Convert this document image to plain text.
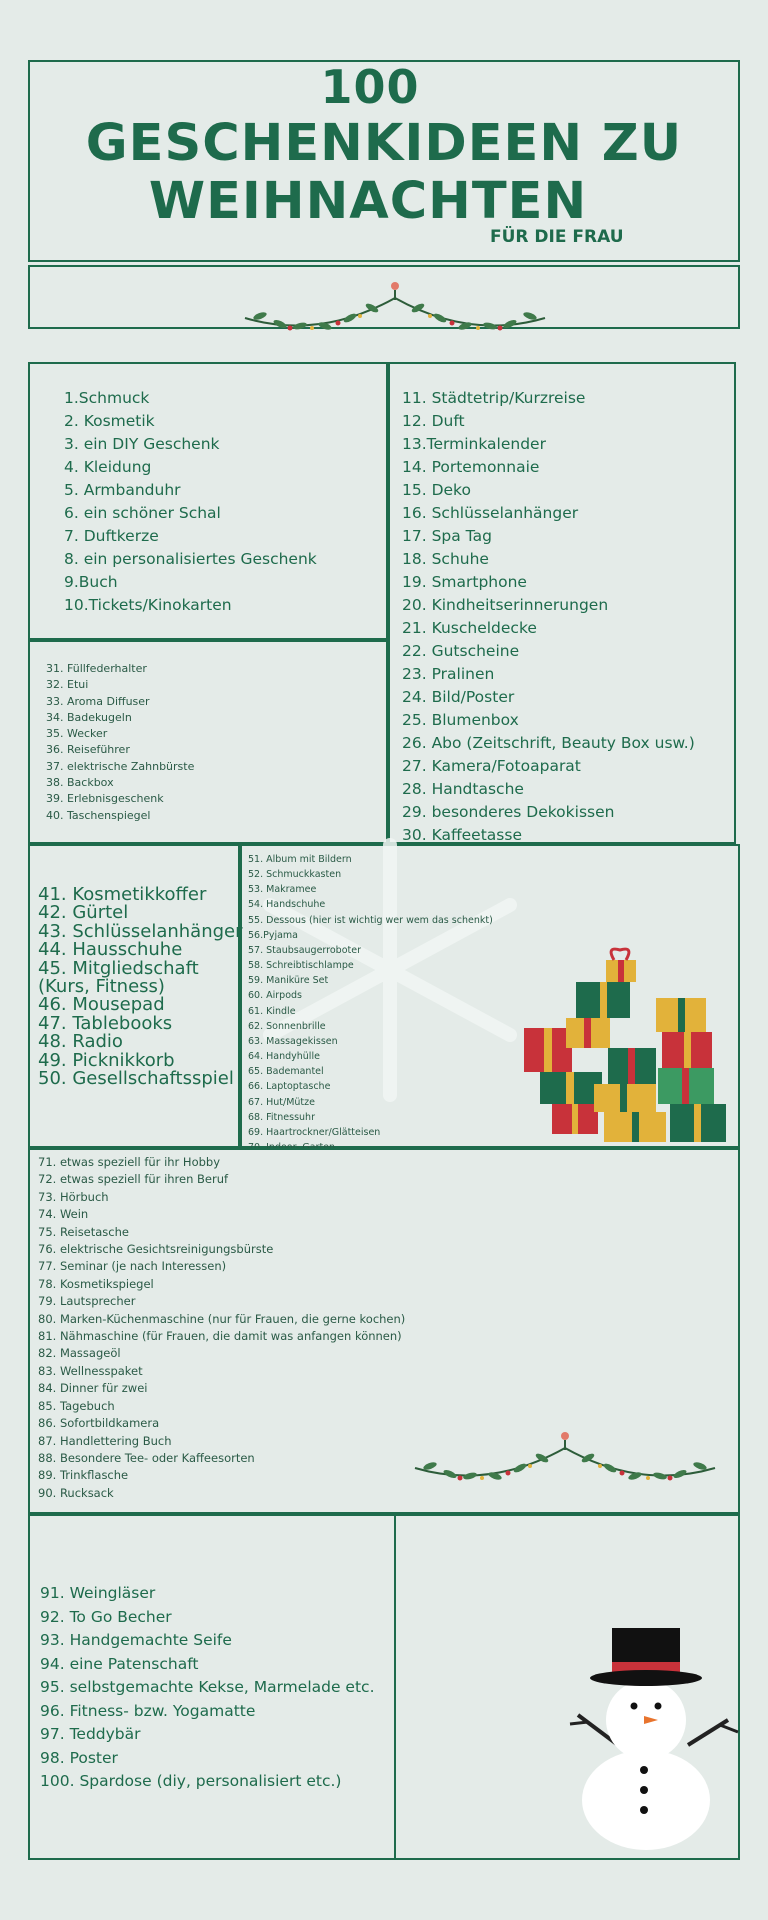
100
GESCHENKIDEEN ZU
WEIHNACHTEN
FÜR DIE FRAU
1.Schmuck
2. Kosmetik
3. ein DIY Geschenk
4. Kleidung
5. Armbanduhr
6. ein schöner Schal
7. Duftkerze
8. ein personalisiertes Geschenk
9.Buch
10.Tickets/Kinokarten
11. Städtetrip/Kurzreise
12. Duft
13.Terminkalender
14. Portemonnaie
15. Deko
16. Schlüsselanhänger
17. Spa Tag
18. Schuhe
19. Smartphone
20. Kindheitserinnerungen
21. Kuscheldecke
22. Gutscheine
23. Pralinen
24. Bild/Poster
25. Blumenbox
26. Abo (Zeitschrift, Beauty Box usw.)
27. Kamera/Fotoaparat
28. Handtasche
29. besonderes Dekokissen
30. Kaffeetasse
31. Füllfederhalter
32. Etui
33. Aroma Diffuser
34. Badekugeln
35. Wecker
36. Reiseführer
37. elektrische Zahnbürste
38. Backbox
39. Erlebnisgeschenk
40. Taschenspiegel
41. Kosmetikkoffer
42. Gürtel
43. Schlüsselanhänger
44. Hausschuhe
45. Mitgliedschaft
(Kurs, Fitness)
46. Mousepad
47. Tablebooks
48. Radio
49. Picknikkorb
50. Gesellschaftsspiel
51. Album mit Bildern
52. Schmuckkasten
53. Makramee
54. Handschuhe
55. Dessous (hier ist wichtig wer wem das schenkt)
56.Pyjama
57. Staubsaugerroboter
58. Schreibtischlampe
59. Maniküre Set
60. Airpods
61. Kindle
62. Sonnenbrille
63. Massagekissen
64. Handyhülle
65. Bademantel
66. Laptoptasche
67. Hut/Mütze
68. Fitnessuhr
69. Haartrockner/Glätteisen
70. Indoor- Garten
71. etwas speziell für ihr Hobby
72. etwas speziell für ihren Beruf
73. Hörbuch
74. Wein
75. Reisetasche
76. elektrische Gesichtsreinigungsbürste
77. Seminar (je nach Interessen)
78. Kosmetikspiegel
79. Lautsprecher
80. Marken-Küchenmaschine (nur für Frauen, die gerne kochen)
81. Nähmaschine (für Frauen, die damit was anfangen können)
82. Massageöl
83. Wellnesspaket
84. Dinner für zwei
85. Tagebuch
86. Sofortbildkamera
87. Handlettering Buch
88. Besondere Tee- oder Kaffeesorten
89. Trinkflasche
90. Rucksack
91. Weingläser
92. To Go Becher
93. Handgemachte Seife
94. eine Patenschaft
95. selbstgemachte Kekse, Marmelade etc.
96. Fitness- bzw. Yogamatte
97. Teddybär
98. Poster
100. Spardose (diy, personalisiert etc.)
